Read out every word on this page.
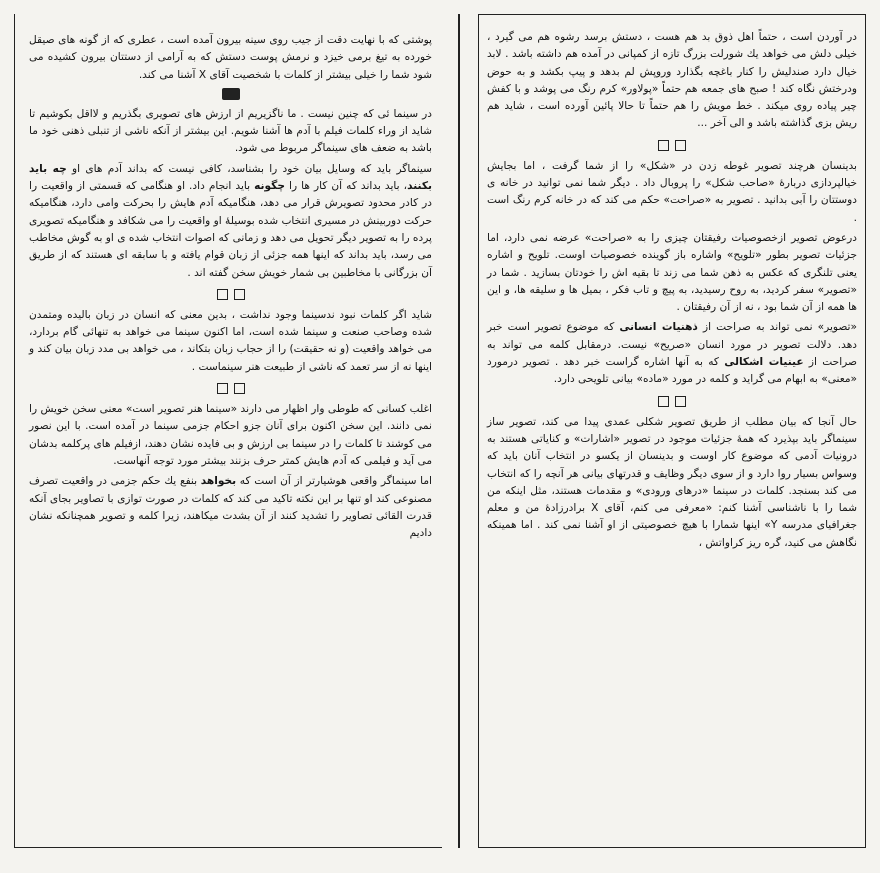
در آوردن است ، حتماً اهل ذوق بد هم هست ، دستش برسد رشوه‌ هم می‌ گیرد ، خیلی دلش می‌ خواهد یك شورلت بزرگ تازه از کمپانی در آمده هم داشته باشد . لابد خیال دارد صندلیش را کنار باغچه بگذارد وروپش لم بدهد و پیپ بکشد و به حوض ودرختش نگاه کند ! صبح‌ های جمعه هم حتماً «پولاور» کرم رنگ می‌ پوشد و با کفش چیر پیاده‌ روی میکند . خط مویش را هم حتماً تا حالا پائین آورده است ، شاید هم ریش بزی گذاشته باشد و الی آخر ...

بدینسان هرچند تصویر غوطه زدن در «شکل» را از شما گرفت ، اما بجایش خیالپردازی دربارهٔ «صاحب شکل» را پروبال داد . دیگر شما نمی‌ توانید در خانه‌ ی دوستتان را آبی بدانید . تصویر به «صراحت» حکم می‌ کند که در خانه کرم رنگ است .

درعوض تصویر ازخصوصیات رفیقتان چیزی را به «صراحت» عرضه نمی‌ دارد، اما جزئیات تصویر بطور «تلویح» واشاره باز گوینده خصوصیات اوست. تلویح و اشاره یعنی تلنگری که عکس به ذهن شما می‌ زند تا بقیه‌ اش را خودتان بسازید . شما در «تصویر» سفر کردید، به‌ روح رسیدید، به‌ پیچ و تاب فکر ، بمیل‌ ها و سلیقه‌ ها، و این‌ ها همه از آن شما بود ، نه از آن رفیقتان .

«تصویر» نمی‌ تواند به صراحت از ذهنیات انسانی که موضوع تصویر است خبر دهد. دلالت تصویر در مورد انسان «صریح» نیست. درمقابل کلمه می‌ تواند به صراحت از عینیات اشکالی که به آنها اشاره گراست خبر دهد . تصویر درمورد «معنی» به ابهام می‌ گراید و کلمه در مورد «ماده» بیانی تلویحی دارد.

حال آنجا که بیان مطلب از طریق تصویر شکلی عمدی پیدا می‌ کند، تصویر ساز سینماگر باید بپذیرد که همهٔ جزئیات موجود در تصویر «اشارات» و کنایاتی هستند به درونیات آدمی که موضوع کار اوست و بدینسان از یکسو در انتخاب آنان باید که وسواس بسیار روا دارد و از سوی دیگر وظایف و قدرتهای بیانی هر آنچه را که انتخاب می‌ کند بسنجد. کلمات در سینما «درهای ورودی» و مقدمات هستند، مثل اینکه من شما را با ناشناسی آشنا کنم: «معرفی می‌ کنم، آقای X برادرزادهٔ من و معلم جغرافیای مدرسه Y» اینها شمارا با هیچ خصوصیتی از او آشنا نمی‌ کند . اما همینکه نگاهش می‌ کنید، گره‌ ریز کراواتش ،

پوشتی که با نهایت دقت از جیب روی سینه بیرون آمده است ، عطری که از گونه‌ های صیقل‌ خورده به تیغ برمی‌ خیزد و نرمش پوست دستش که به آرامی از دستتان بیرون کشیده می‌ شود شما را خیلی بیشتر از کلمات با شخصیت آقای X آشنا می‌ کند.

در سینما ئی که چنین نیست . ما ناگزیریم از ارزش‌ های تصویری بگذریم و لااقل بکوشیم تا شاید از وراء کلمات فیلم با آدم‌ ها آشنا شویم. این بیشتر از آنکه ناشی از تنبلی ذهنی خود ما باشد به ضعف‌ های سینماگر مربوط می‌ شود.

سینماگر باید که وسایل بیان خود را بشناسد، کافی نیست که بداند آدم‌ های او چه باید بکنند، باید بداند که آن کار‌ ها را چگونه باید انجام داد. او هنگامی که قسمتی از واقعیت را در کادر محدود تصویرش قرار می‌ دهد، هنگامیکه آدم‌ هایش را بحرکت وامی‌ دارد، هنگامیکه حرکت دوربینش در مسیری انتخاب شده بوسیلهٔ او واقعیت را می‌ شکافد و هنگامیکه تصویری پرده را به تصویر دیگر تحویل می‌ دهد و زمانی که اصوات انتخاب شده‌ ی او به گوش مخاطب می‌ رسد، باید بداند که اینها همه جزئی از زبان قوام‌ یافته و با سابقه‌ ای هستند که از طریق آن بزرگانی با مخاطبین بی‌ شمار خویش سخن گفته‌ اند .

شاید اگر کلمات نبود ندسینما وجود نداشت ، بدین معنی که انسان در زبان بالیده ومتمدن شده وصاحب صنعت و سینما شده است، اما اکنون سینما می‌ خواهد به تنهائی گام بردارد، می‌ خواهد واقعیت (و نه حقیقت) را از حجاب زبان بتکاند ، می‌ خواهد بی‌ مدد زبان بیان کند و اینها نه از سر تعمد که ناشی از طبیعت هنر سینماست .

اغلب کسانی که طوطی‌ وار اظهار می‌ دارند «سینما هنر تصویر است» معنی سخن خویش را نمی‌ دانند. این سخن اکنون برای آنان جزو احکام جزمی سینما در آمده است. با این نصور می‌ کوشند تا کلمات را در سینما بی‌ ارزش و بی‌ فایده نشان دهند، ازفیلم‌ های پرکلمه بدشان می‌ آید و فیلمی که آدم‌ هایش کمتر حرف بزنند بیشتر مورد توجه آنهاست.

اما سینماگر واقعی هوشیارتر از آن است که بخواهد بنفع یك حکم جزمی در واقعیت تصرف مصنوعی کند او تنها بر این نکته تاکید می‌ کند که کلمات در صورت توازی با تصاویر بجای آنکه قدرت القائی تصاویر را تشدید کنند از آن بشدت میکاهند، زیرا کلمه و تصویر همچنانکه نشان دادیم
